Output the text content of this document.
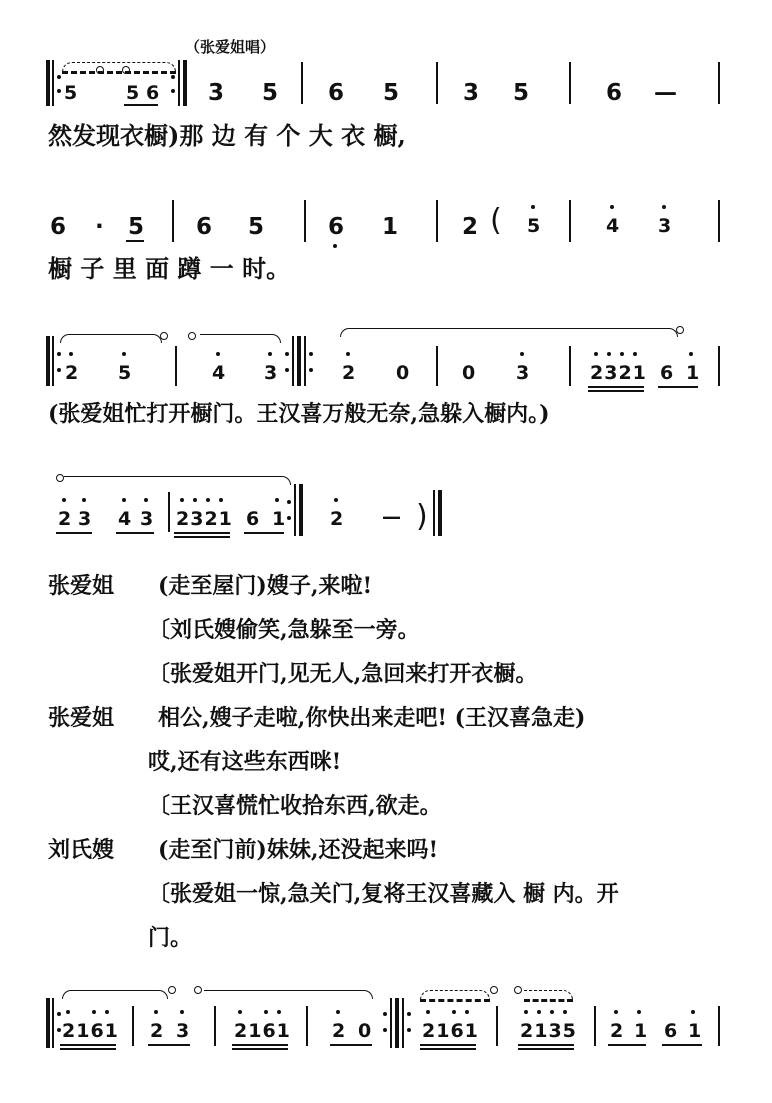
（张爱姐唱）
5	5 6 3 5 6 5	3 5	6 —
然发现衣橱)那 边 有 个 大 衣 橱,
6 · 5 6 5	6 1	2 ( 5	4 3
橱 子 里 面 蹲 一 时。
2 5	4 3	2 0	0 3	2321 6 1
(张爱姐忙打开橱门。王汉喜万般无奈,急躲入橱内。)
2 3 4 3 2321 6 1 2 — )
张爱姐 (走至屋门)嫂子,来啦!
〔刘氏嫂偷笑,急躲至一旁。
〔张爱姐开门,见无人,急回来打开衣橱。
张爱姐 相公,嫂子走啦,你快出来走吧! (王汉喜急走)
哎,还有这些东西咪!
〔王汉喜慌忙收拾东西,欲走。
刘氏嫂 (走至门前)妹妹,还没起来吗!
〔张爱姐一惊,急关门,复将王汉喜藏入 橱 内。开
门。
2161 2 3 2161 2 0	2161 2135 2 1 6 1
